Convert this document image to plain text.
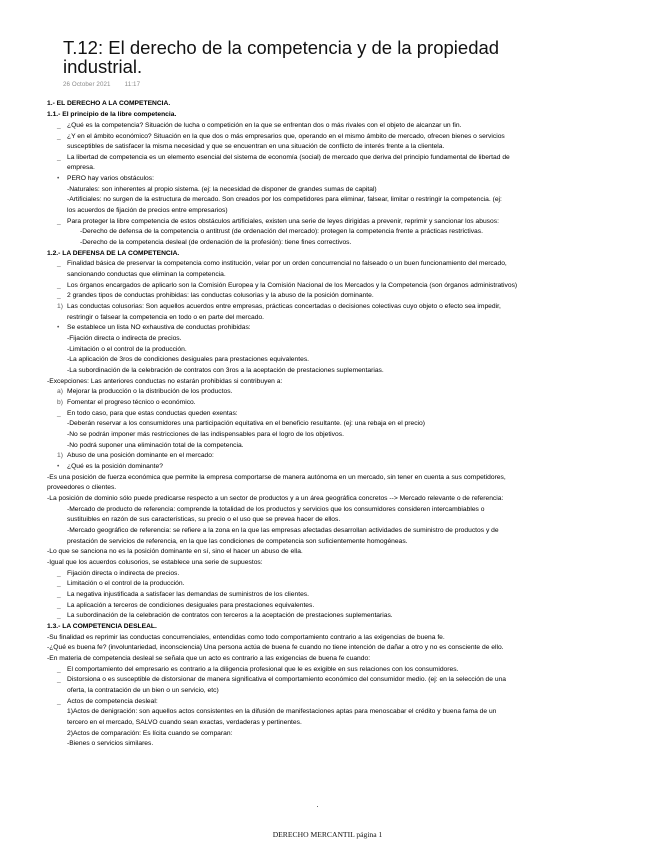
T.12: El derecho de la competencia y de la propiedad
industrial.
26 October 2021 11:17
1.- EL DERECHO A LA COMPETENCIA.
1.1.- El principio de la libre competencia.
_ ¿Qué es la competencia? Situación de lucha o competición en la que se enfrentan dos o más rivales con el objeto de alcanzar un fin.
_ ¿Y en el ámbito económico? Situación en la que dos o más empresarios que, operando en el mismo ámbito de mercado, ofrecen bienes o servicios
susceptibles de satisfacer la misma necesidad y que se encuentran en una situación de conflicto de interés frente a la clientela.
_ La libertad de competencia es un elemento esencial del sistema de economía (social) de mercado que deriva del principio fundamental de libertad de
empresa.
• PERO hay varios obstáculos:
-Naturales: son inherentes al propio sistema. (ej: la necesidad de disponer de grandes sumas de capital)
-Artificiales: no surgen de la estructura de mercado. Son creados por los competidores para eliminar, falsear, limitar o restringir la competencia. (ej:
los acuerdos de fijación de precios entre empresarios)
_ Para proteger la libre competencia de estos obstáculos artificiales, existen una serie de leyes dirigidas a prevenir, reprimir y sancionar los abusos:
-Derecho de defensa de la competencia o antitrust (de ordenación del mercado): protegen la competencia frente a prácticas restrictivas.
-Derecho de la competencia desleal (de ordenación de la profesión): tiene fines correctivos.
1.2.- LA DEFENSA DE LA COMPETENCIA.
_ Finalidad básica de preservar la competencia como institución, velar por un orden concurrencial no falseado o un buen funcionamiento del mercado,
sancionando conductas que eliminan la competencia.
_ Los órganos encargados de aplicarlo son la Comisión Europea y la Comisión Nacional de los Mercados y la Competencia (son órganos administrativos)
_ 2 grandes tipos de conductas prohibidas: las conductas colusorias y la abuso de la posición dominante.
1) Las conductas colusorias: Son aquellos acuerdos entre empresas, prácticas concertadas o decisiones colectivas cuyo objeto o efecto sea impedir,
restringir o falsear la competencia en todo o en parte del mercado.
• Se establece un lista NO exhaustiva de conductas prohibidas:
-Fijación directa o indirecta de precios.
-Limitación o el control de la producción.
-La aplicación de 3ros de condiciones desiguales para prestaciones equivalentes.
-La subordinación de la celebración de contratos con 3ros a la aceptación de prestaciones suplementarias.
-Excepciones: Las anteriores conductas no estarán prohibidas si contribuyen a:
a) Mejorar la producción o la distribución de los productos.
b) Fomentar el progreso técnico o económico.
_ En todo caso, para que estas conductas queden exentas:
-Deberán reservar a los consumidores una participación equitativa en el beneficio resultante. (ej: una rebaja en el precio)
-No se podrán imponer más restricciones de las indispensables para el logro de los objetivos.
-No podrá suponer una eliminación total de la competencia.
1) Abuso de una posición dominante en el mercado:
• ¿Qué es la posición dominante?
-Es una posición de fuerza económica que permite la empresa comportarse de manera autónoma en un mercado, sin tener en cuenta a sus competidores,
proveedores o clientes.
-La posición de dominio sólo puede predicarse respecto a un sector de productos y a un área geográfica concretos --> Mercado relevante o de referencia:
-Mercado de producto de referencia: comprende la totalidad de los productos y servicios que los consumidores consideren intercambiables o
sustituibles en razón de sus características, su precio o el uso que se prevea hacer de ellos.
-Mercado geográfico de referencia: se refiere a la zona en la que las empresas afectadas desarrollan actividades de suministro de productos y de
prestación de servicios de referencia, en la que las condiciones de competencia son suficientemente homogéneas.
-Lo que se sanciona no es la posición dominante en sí, sino el hacer un abuso de ella.
-Igual que los acuerdos colusorios, se establece una serie de supuestos:
_ Fijación directa o indirecta de precios.
_ Limitación o el control de la producción.
_ La negativa injustificada a satisfacer las demandas de suministros de los clientes.
_ La aplicación a terceros de condiciones desiguales para prestaciones equivalentes.
_ La subordinación de la celebración de contratos con terceros a la aceptación de prestaciones suplementarias.
1.3.- LA COMPETENCIA DESLEAL.
-Su finalidad es reprimir las conductas concurrenciales, entendidas como todo comportamiento contrario a las exigencias de buena fe.
-¿Qué es buena fe? (involuntariedad, inconsciencia) Una persona actúa de buena fe cuando no tiene intención de dañar a otro y no es consciente de ello.
-En materia de competencia desleal se señala que un acto es contrario a las exigencias de buena fe cuando:
_ El comportamiento del empresario es contrario a la diligencia profesional que le es exigible en sus relaciones con los consumidores.
_ Distorsiona o es susceptible de distorsionar de manera significativa el comportamiento económico del consumidor medio. (ej: en la selección de una
oferta, la contratación de un bien o un servicio, etc)
_ Actos de competencia desleal:
1)Actos de denigración: son aquellos actos consistentes en la difusión de manifestaciones aptas para menoscabar el crédito y buena fama de un
tercero en el mercado, SALVO cuando sean exactas, verdaderas y pertinentes.
2)Actos de comparación: Es lícita cuando se comparan:
-Bienes o servicios similares.
DERECHO MERCANTIL página 1
